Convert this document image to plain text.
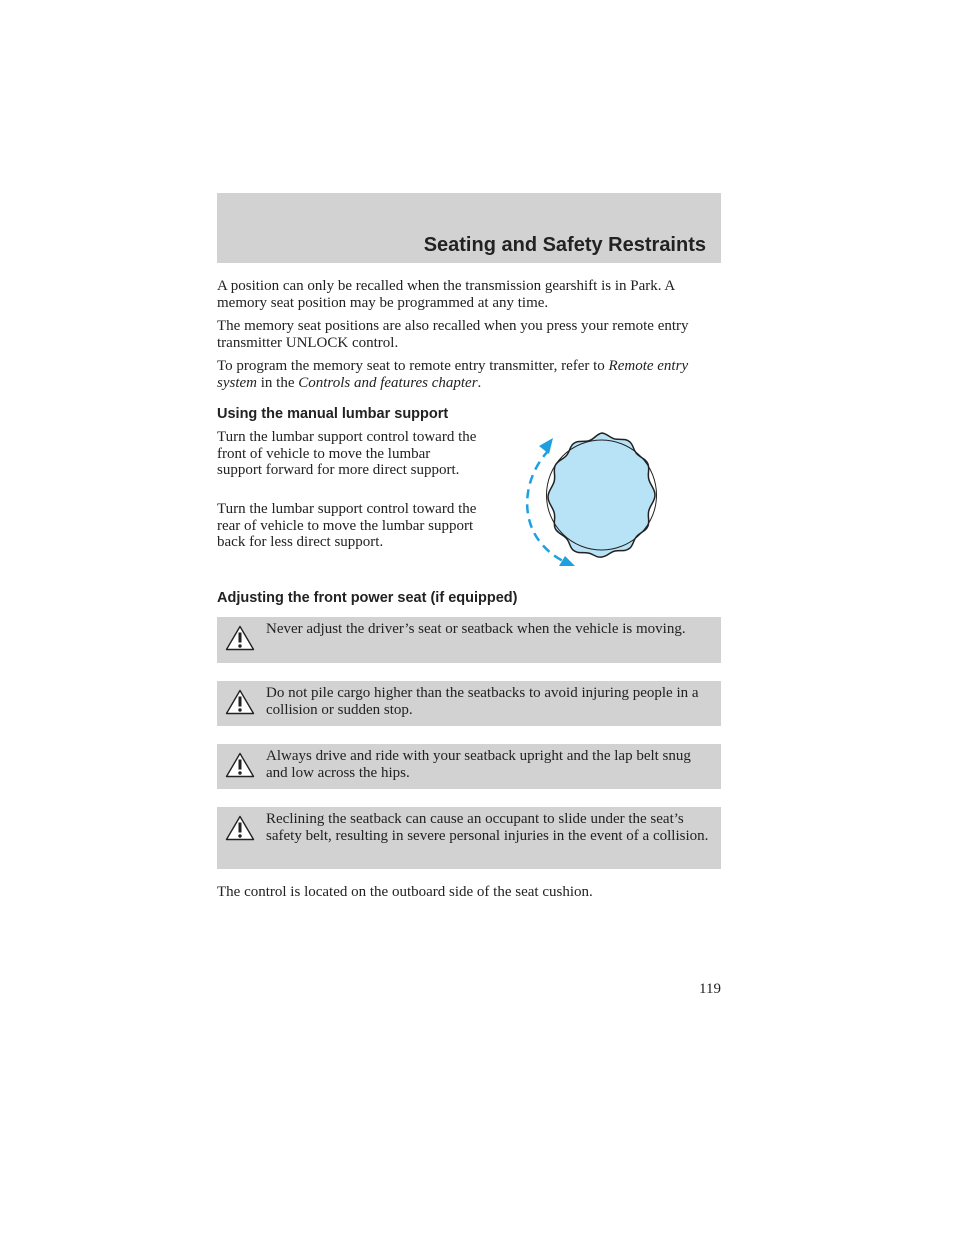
Seating and Safety Restraints

A position can only be recalled when the transmission gearshift is in Park. A memory seat position may be programmed at any time.

The memory seat positions are also recalled when you press your remote entry transmitter UNLOCK control.

To program the memory seat to remote entry transmitter, refer to Remote entry system in the Controls and features chapter.

Using the manual lumbar support

Turn the lumbar support control toward the front of vehicle to move the lumbar support forward for more direct support.

Turn the lumbar support control toward the rear of vehicle to move the lumbar support back for less direct support.

Adjusting the front power seat (if equipped)

Never adjust the driver’s seat or seatback when the vehicle is moving.

Do not pile cargo higher than the seatbacks to avoid injuring people in a collision or sudden stop.

Always drive and ride with your seatback upright and the lap belt snug and low across the hips.

Reclining the seatback can cause an occupant to slide under the seat’s safety belt, resulting in severe personal injuries in the event of a collision.

The control is located on the outboard side of the seat cushion.

119
